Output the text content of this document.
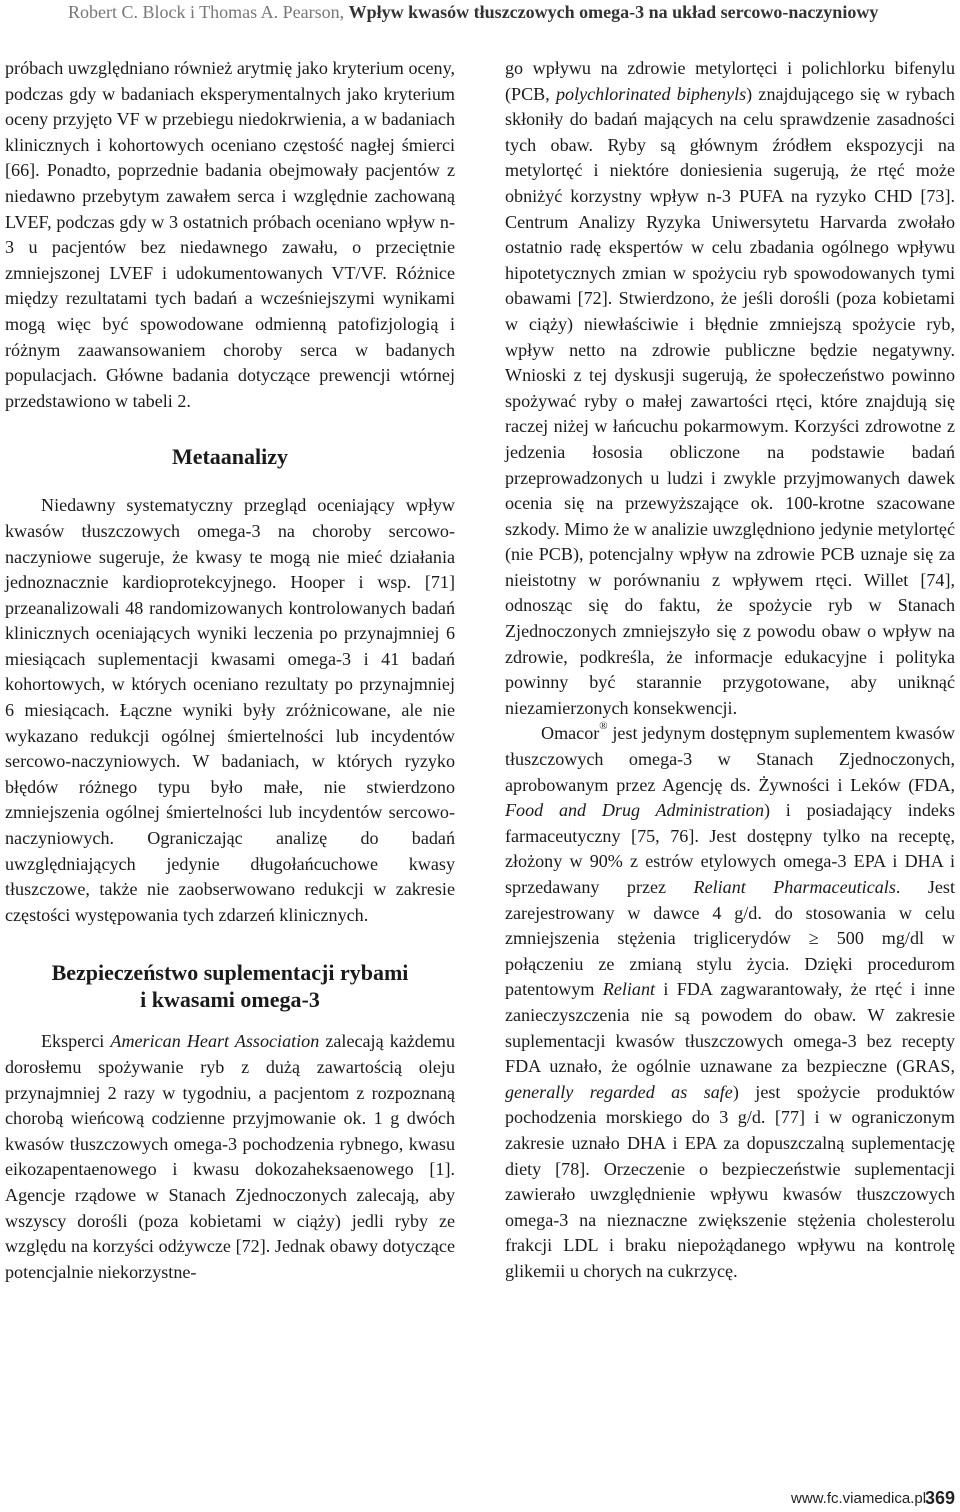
Robert C. Block i Thomas A. Pearson, Wpływ kwasów tłuszczowych omega-3 na układ sercowo-naczyniowy

próbach uwzględniano również arytmię jako kryterium oceny, podczas gdy w badaniach eksperymentalnych jako kryterium oceny przyjęto VF w przebiegu niedokrwienia, a w badaniach klinicznych i kohortowych oceniano częstość nagłej śmierci [66]. Ponadto, poprzednie badania obejmowały pacjentów z niedawno przebytym zawałem serca i względnie zachowaną LVEF, podczas gdy w 3 ostatnich próbach oceniano wpływ n-3 u pacjentów bez niedawnego zawału, o przeciętnie zmniejszonej LVEF i udokumentowanych VT/VF. Różnice między rezultatami tych badań a wcześniejszymi wynikami mogą więc być spowodowane odmienną patofizjologią i różnym zaawansowaniem choroby serca w badanych populacjach. Główne badania dotyczące prewencji wtórnej przedstawiono w tabeli 2.

Metaanalizy

Niedawny systematyczny przegląd oceniający wpływ kwasów tłuszczowych omega-3 na choroby sercowo-naczyniowe sugeruje, że kwasy te mogą nie mieć działania jednoznacznie kardioprotekcyjnego. Hooper i wsp. [71] przeanalizowali 48 randomizowanych kontrolowanych badań klinicznych oceniających wyniki leczenia po przynajmniej 6 miesiącach suplementacji kwasami omega-3 i 41 badań kohortowych, w których oceniano rezultaty po przynajmniej 6 miesiącach. Łączne wyniki były zróżnicowane, ale nie wykazano redukcji ogólnej śmiertelności lub incydentów sercowo-naczyniowych. W badaniach, w których ryzyko błędów różnego typu było małe, nie stwierdzono zmniejszenia ogólnej śmiertelności lub incydentów sercowo-naczyniowych. Ograniczając analizę do badań uwzględniających jedynie długołańcuchowe kwasy tłuszczowe, także nie zaobserwowano redukcji w zakresie częstości występowania tych zdarzeń klinicznych.

Bezpieczeństwo suplementacji rybami
i kwasami omega-3

Eksperci American Heart Association zalecają każdemu dorosłemu spożywanie ryb z dużą zawartością oleju przynajmniej 2 razy w tygodniu, a pacjentom z rozpoznaną chorobą wieńcową codzienne przyjmowanie ok. 1 g dwóch kwasów tłuszczowych omega-3 pochodzenia rybnego, kwasu eikozapentaenowego i kwasu dokozaheksaenowego [1]. Agencje rządowe w Stanach Zjednoczonych zalecają, aby wszyscy dorośli (poza kobietami w ciąży) jedli ryby ze względu na korzyści odżywcze [72]. Jednak obawy dotyczące potencjalnie niekorzystne-

go wpływu na zdrowie metylortęci i polichlorku bifenylu (PCB, polychlorinated biphenyls) znajdującego się w rybach skłoniły do badań mających na celu sprawdzenie zasadności tych obaw. Ryby są głównym źródłem ekspozycji na metylortęć i niektóre doniesienia sugerują, że rtęć może obniżyć korzystny wpływ n-3 PUFA na ryzyko CHD [73]. Centrum Analizy Ryzyka Uniwersytetu Harvarda zwołało ostatnio radę ekspertów w celu zbadania ogólnego wpływu hipotetycznych zmian w spożyciu ryb spowodowanych tymi obawami [72]. Stwierdzono, że jeśli dorośli (poza kobietami w ciąży) niewłaściwie i błędnie zmniejszą spożycie ryb, wpływ netto na zdrowie publiczne będzie negatywny. Wnioski z tej dyskusji sugerują, że społeczeństwo powinno spożywać ryby o małej zawartości rtęci, które znajdują się raczej niżej w łańcuchu pokarmowym. Korzyści zdrowotne z jedzenia łososia obliczone na podstawie badań przeprowadzonych u ludzi i zwykle przyjmowanych dawek ocenia się na przewyższające ok. 100-krotne szacowane szkody. Mimo że w analizie uwzględniono jedynie metylortęć (nie PCB), potencjalny wpływ na zdrowie PCB uznaje się za nieistotny w porównaniu z wpływem rtęci. Willet [74], odnosząc się do faktu, że spożycie ryb w Stanach Zjednoczonych zmniejszyło się z powodu obaw o wpływ na zdrowie, podkreśla, że informacje edukacyjne i polityka powinny być starannie przygotowane, aby uniknąć niezamierzonych konsekwencji.

Omacor® jest jedynym dostępnym suplementem kwasów tłuszczowych omega-3 w Stanach Zjednoczonych, aprobowanym przez Agencję ds. Żywności i Leków (FDA, Food and Drug Administration) i posiadający indeks farmaceutyczny [75, 76]. Jest dostępny tylko na receptę, złożony w 90% z estrów etylowych omega-3 EPA i DHA i sprzedawany przez Reliant Pharmaceuticals. Jest zarejestrowany w dawce 4 g/d. do stosowania w celu zmniejszenia stężenia triglicerydów ≥ 500 mg/dl w połączeniu ze zmianą stylu życia. Dzięki procedurom patentowym Reliant i FDA zagwarantowały, że rtęć i inne zanieczyszczenia nie są powodem do obaw. W zakresie suplementacji kwasów tłuszczowych omega-3 bez recepty FDA uznało, że ogólnie uznawane za bezpieczne (GRAS, generally regarded as safe) jest spożycie produktów pochodzenia morskiego do 3 g/d. [77] i w ograniczonym zakresie uznało DHA i EPA za dopuszczalną suplementację diety [78]. Orzeczenie o bezpieczeństwie suplementacji zawierało uwzględnienie wpływu kwasów tłuszczowych omega-3 na nieznaczne zwiększenie stężenia cholesterolu frakcji LDL i braku niepożądanego wpływu na kontrolę glikemii u chorych na cukrzycę.

www.fc.viamedica.pl
369
